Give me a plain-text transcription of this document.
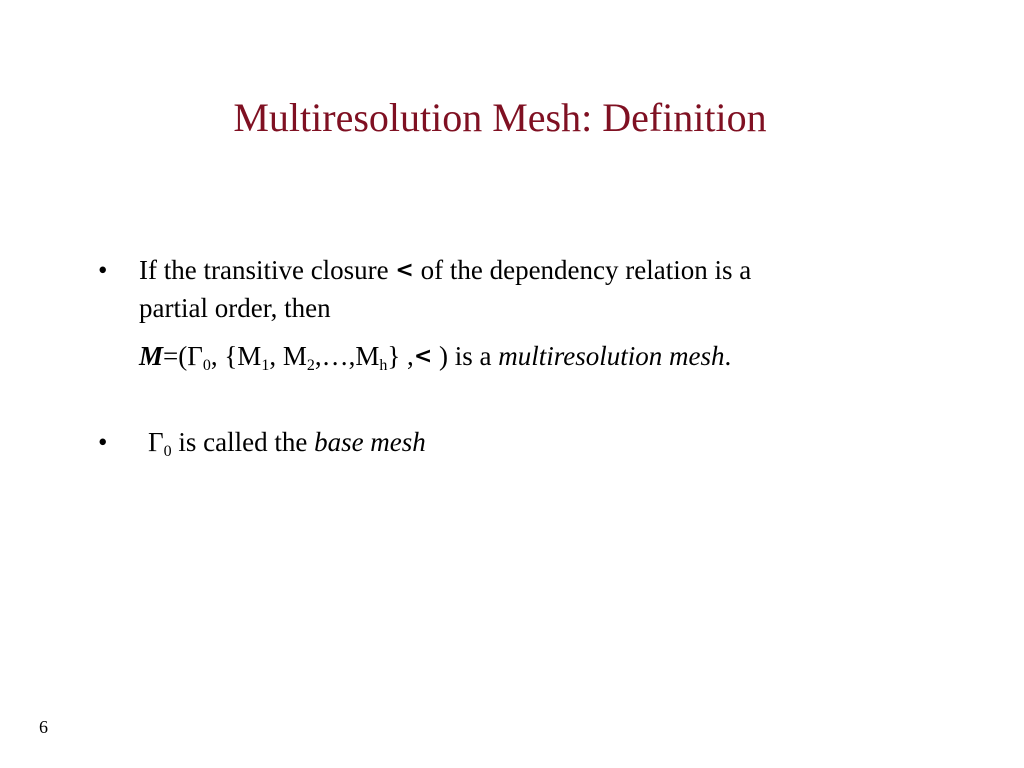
Multiresolution Mesh: Definition
• If the transitive closure < of the dependency relation is a
partial order, then
$M=(\Gamma_0$, {$M_1$, $M_2,\dots,M_h$} ,< ) is a multiresolution mesh.
• $\Gamma_0$ is called the base mesh
6
